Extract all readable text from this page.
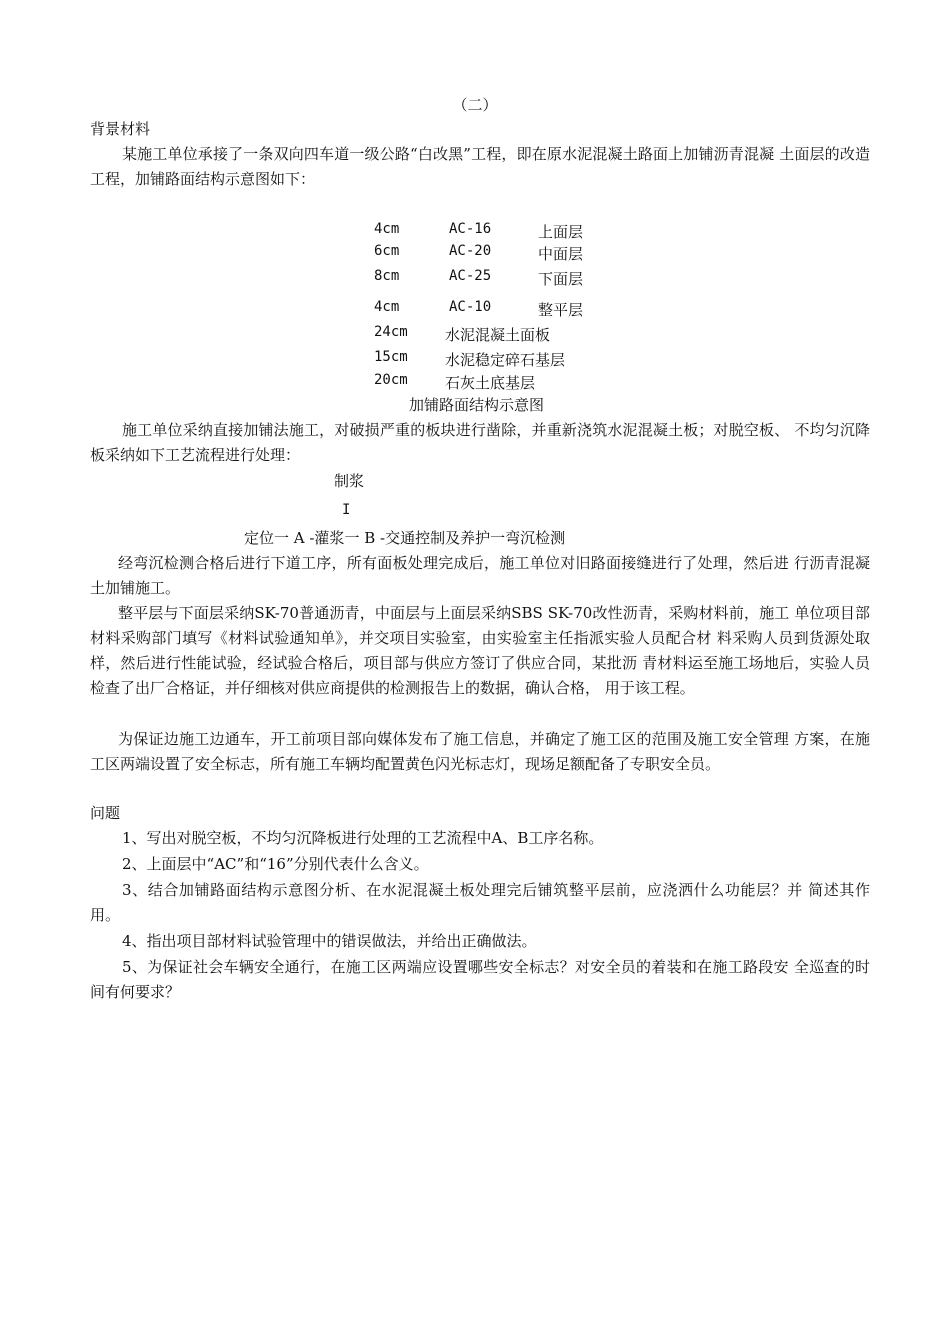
（二）
背景材料
某施工单位承接了一条双向四车道一级公路“白改黑”工程，即在原水泥混凝土路面上加铺沥青混凝 土面层的改造工程，加铺路面结构示意图如下：
4cm	AC-16	上面层
6cm	AC-20	中面层
8cm	AC-25	下面层
4cm	AC-10	整平层
24cm 水泥混凝土面板
15cm 水泥稳定碎石基层
20cm 石灰土底基层
加铺路面结构示意图
施工单位采纳直接加铺法施工，对破损严重的板块进行凿除，并重新浇筑水泥混凝土板；对脱空板、 不均匀沉降板采纳如下工艺流程进行处理：
制浆
I
定位一 A -灌浆一 B -交通控制及养护一弯沉检测
经弯沉检测合格后进行下道工序，所有面板处理完成后，施工单位对旧路面接缝进行了处理，然后进 行沥青混凝土加铺施工。
整平层与下面层采纳SK-70普通沥青，中面层与上面层采纳SBS SK-70改性沥青，采购材料前，施工 单位项目部材料采购部门填写《材料试验通知单》，并交项目实验室，由实验室主任指派实验人员配合材 料采购人员到货源处取样，然后进行性能试验，经试验合格后，项目部与供应方签订了供应合同，某批沥 青材料运至施工场地后，实验人员检查了出厂合格证，并仔细核对供应商提供的检测报告上的数据，确认合格， 用于该工程。
为保证边施工边通车，开工前项目部向媒体发布了施工信息，并确定了施工区的范围及施工安全管理 方案，在施工区两端设置了安全标志，所有施工车辆均配置黄色闪光标志灯，现场足额配备了专职安全员。
问题
1、写出对脱空板，不均匀沉降板进行处理的工艺流程中A、B工序名称。
2、上面层中“AC”和“16”分别代表什么含义。
3、结合加铺路面结构示意图分析、在水泥混凝土板处理完后铺筑整平层前，应浇洒什么功能层？并 简述其作用。
4、指出项目部材料试验管理中的错误做法，并给出正确做法。
5、为保证社会车辆安全通行，在施工区两端应设置哪些安全标志？对安全员的着装和在施工路段安 全巡查的时间有何要求？
